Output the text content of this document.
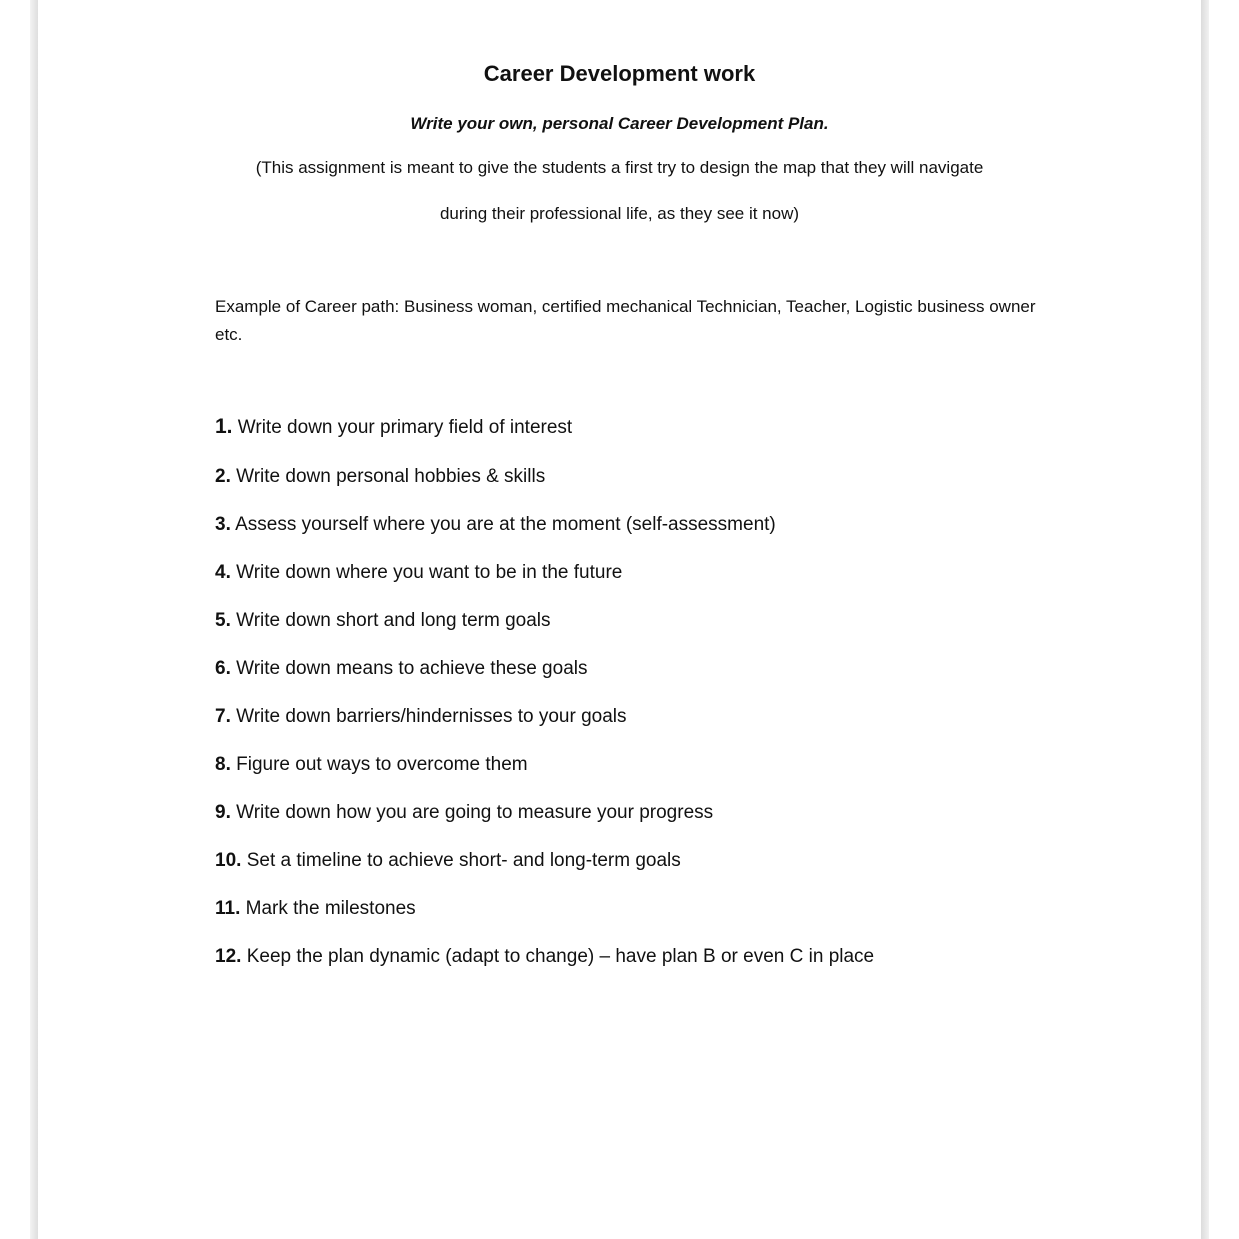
Career Development work
Write your own, personal Career Development Plan.
(This assignment is meant to give the students a first try to design the map that they will navigate
during their professional life, as they see it now)
Example of Career path: Business woman, certified mechanical Technician, Teacher, Logistic business owner etc.
1. Write down your primary field of interest
2. Write down personal hobbies & skills
3. Assess yourself where you are at the moment (self-assessment)
4. Write down where you want to be in the future
5. Write down short and long term goals
6. Write down means to achieve these goals
7. Write down barriers/hindernisses to your goals
8. Figure out ways to overcome them
9. Write down how you are going to measure your progress
10. Set a timeline to achieve short- and long-term goals
11. Mark the milestones
12. Keep the plan dynamic (adapt to change) – have plan B or even C in place
